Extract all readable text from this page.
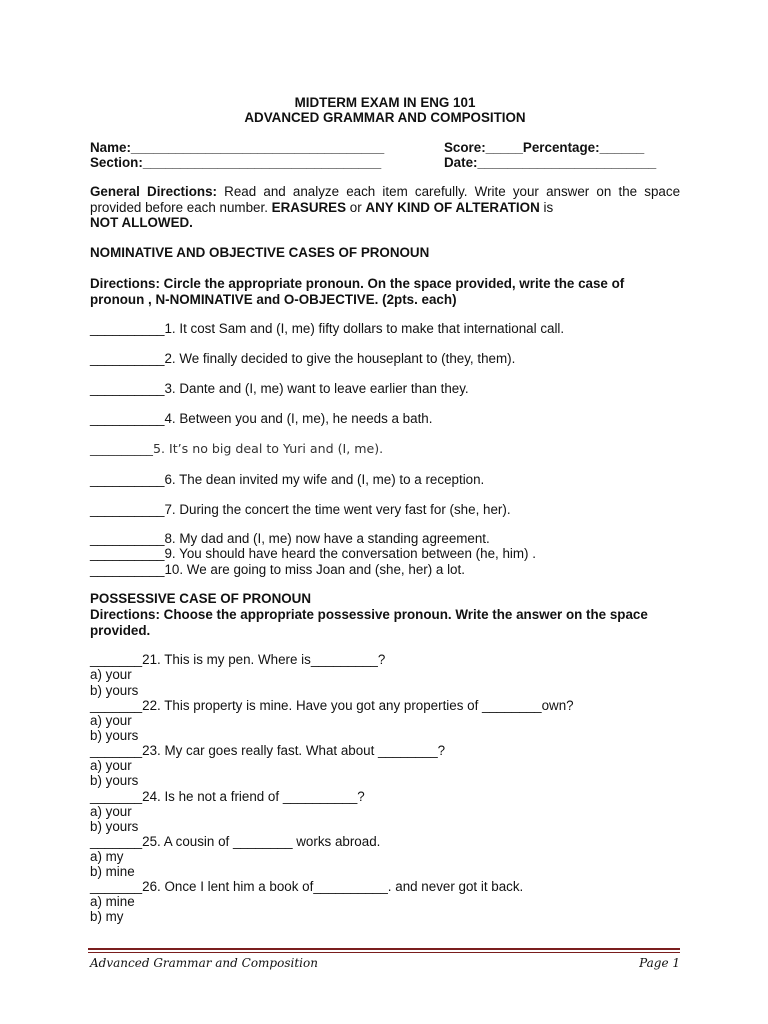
MIDTERM EXAM IN ENG 101
ADVANCED GRAMMAR AND COMPOSITION
Name:__________________________________	Score:_____Percentage:______
Section:________________________________	Date:________________________
General Directions: Read and analyze each item carefully. Write your answer on the space provided before each number. ERASURES or ANY KIND OF ALTERATION is
NOT ALLOWED.
NOMINATIVE AND OBJECTIVE CASES OF PRONOUN
Directions: Circle the appropriate pronoun. On the space provided, write the case of pronoun , N-NOMINATIVE and O-OBJECTIVE. (2pts. each)
__________1. It cost Sam and (I, me) fifty dollars to make that international call.
__________2. We finally decided to give the houseplant to (they, them).
__________3. Dante and (I, me) want to leave earlier than they.
__________4. Between you and (I, me), he needs a bath.
__________5. It’s no big deal to Yuri and (I, me).
__________6. The dean invited my wife and (I, me) to a reception.
__________7. During the concert the time went very fast for (she, her).
__________8. My dad and (I, me) now have a standing agreement.
__________9. You should have heard the conversation between (he, him) .
__________10. We are going to miss Joan and (she, her) a lot.
POSSESSIVE CASE OF PRONOUN
Directions: Choose the appropriate possessive pronoun. Write the answer on the space provided.
_______21. This is my pen. Where is_________?
a) your
b) yours
_______22. This property is mine. Have you got any properties of ________own?
a) your
b) yours
_______23. My car goes really fast. What about ________?
a) your
b) yours
_______24. Is he not a friend of __________?
a) your
b) yours
_______25. A cousin of ________ works abroad.
a) my
b) mine
_______26. Once I lent him a book of__________. and never got it back.
a) mine
b) my
Advanced Grammar and Composition	Page 1
